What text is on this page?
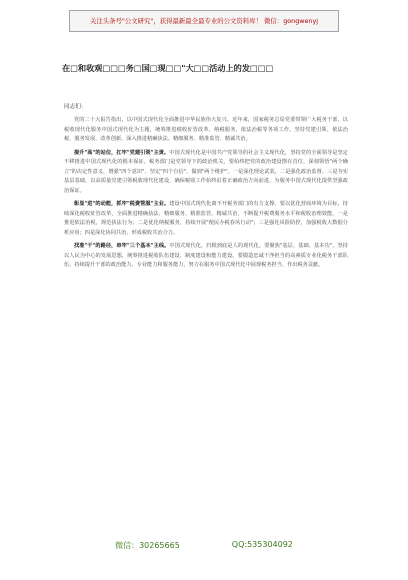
关注头条号"公文研究"，获得最新最全最专业的公文资料库！ 微信：gongwenyj
在□和收观□□□务□国□现□□"大□□活动上的发□□□
同志们：

党的二十大报告指出，以中国式现代化全面推进中华民族伟大复兴。近年来，国家税务总局党委带领广大税务干部，以税收现代化服务中国式现代化为主题，统筹推进税收征管改革、纳税服务、依法治税等各项工作，坚持党建引领、依法治税、服务发展、改革创新，深入推进精确执法、精细服务、精准监管、精诚共治。

提升"高"的站位，扛牢"党建引领"主责。中国式现代化是中国共产党领导的社会主义现代化，坚持党的全面领导是坚定不移推进中国式现代化的根本保证。税务部门是党领导下的政治机关，要始终把党的政治建设摆在首位，深刻领悟"两个确立"的决定性意义，增强"四个意识"、坚定"四个自信"、做到"两个维护"。一是深化理论武装，二是强化政治监督，三是夯实基层基础，以高质量党建引领税收现代化建设，确保税收工作始终沿着正确政治方向前进，为服务中国式现代化提供坚强政治保证。

彰显"进"的动能，抓牢"税费管服"主业。建设中国式现代化离不开税务部门的有力支撑。要以优化营商环境为目标，持续深化税收征管改革，全面推进精确执法、精细服务、精准监管、精诚共治，不断提升税费服务水平和税收治理效能。一是推进依法治税，规范执法行为；二是优化纳税服务，持续开展"便民办税春风行动"；三是强化风险防控，加强税收大数据分析应用；四是深化协同共治，形成税收共治合力。

找准"干"的路径，串牢"三个基本"主线。中国式现代化，归根到底是人的现代化。要聚焦"基层、基础、基本功"，坚持以人民为中心的发展思想，统筹推进税收队伍建设、制度建设和能力建设。要锻造忠诚干净担当的高素质专业化税务干部队伍，持续提升干部的政治能力、专业能力和服务能力，努力在服务中国式现代化中展现税务担当、作出税务贡献。

微信：30265665	QQ:535304092
